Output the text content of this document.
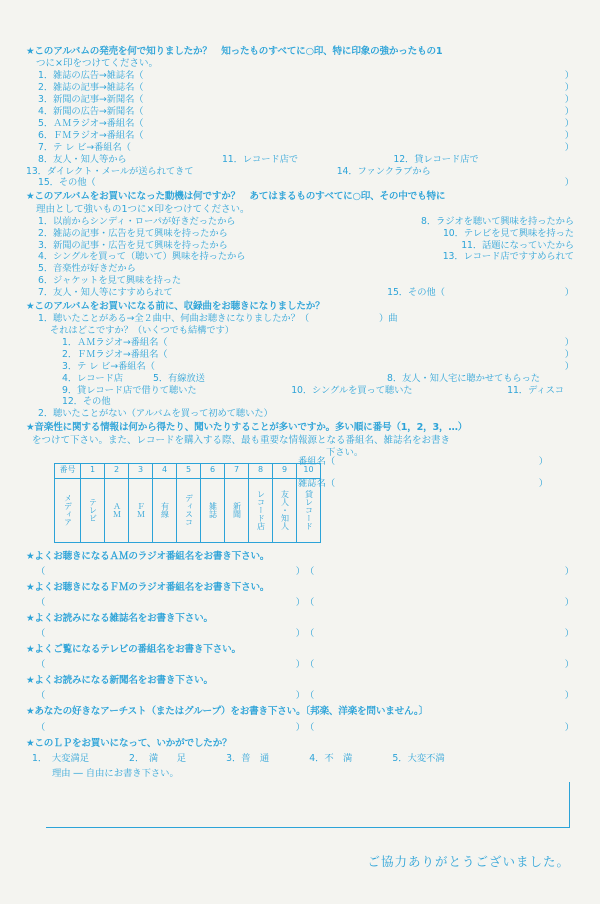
★このアルバムの発売を何で知りましたか？　知ったものすべてに○印、特に印象の強かったもの1
つに×印をつけてください。
1．雑誌の広告→雑誌名（	）
2．雑誌の記事→雑誌名（	）
3．新聞の記事→新聞名（	）
4．新聞の広告→新聞名（	）
5．ＡＭラジオ→番組名（	）
6．ＦＭラジオ→番組名（	）
7．テ レ ビ→番組名（	）
8．友人・知人等から	11．レコード店で	12．貸レコード店で
13．ダイレクト・メールが送られてきて	14．ファンクラブから
15．その他（	）
★このアルバムをお買いになった動機は何ですか？　あてはまるものすべてに○印、その中でも特に
理由として強いもの1つに×印をつけてください。
1．以前からシンディ・ローパが好きだったから	8．ラジオを聴いて興味を持ったから
2．雑誌の記事・広告を見て興味を持ったから	10．テレビを見て興味を持った
3．新聞の記事・広告を見て興味を持ったから	11．話題になっていたから
4．シングルを買って（聴いて）興味を持ったから	13．レコード店ですすめられて
5．音楽性が好きだから
6．ジャケットを見て興味を持った
7．友人・知人等にすすめられて	15．その他（	）
★このアルバムをお買いになる前に、収録曲をお聴きになりましたか？
1．聴いたことがある→全２曲中、何曲お聴きになりましたか？（	）曲
それはどこですか？（いくつでも結構です）
1．ＡＭラジオ→番組名（	）
2．ＦＭラジオ→番組名（	）
3．テ レ ビ→番組名（	）
4．レコード店	5．有線放送	8．友人・知人宅に聴かせてもらった
9．貸レコード店で借りて聴いた	10．シングルを買って聴いた	11．ディスコ
12．その他
2．聴いたことがない（アルバムを買って初めて聴いた）
★音楽性に関する情報は何から得たり、聞いたりすることが多いですか。多い順に番号（1，2，3，…）
をつけて下さい。また、レコードを購入する際、最も重要な情報源となる番組名、雑誌名をお書き
下さい。
番号	1	2	3	4	5	6	7	8	9	10

メディア	テレビ	ＡＭ	ＦＭ	有線	ディスコ	雑誌	新聞	レコード店	友人・知人	貸レコード
番組名（	）
雑誌名（	）
★よくお聴きになるＡＭのラジオ番組名をお書き下さい。
（	） （	）
★よくお聴きになるＦＭのラジオ番組名をお書き下さい。
（	） （	）
★よくお読みになる雑誌名をお書き下さい。
（	） （	）
★よくご覧になるテレビの番組名をお書き下さい。
（	） （	）
★よくお読みになる新聞名をお書き下さい。
（	） （	）
★あなたの好きなアーチスト（またはグループ）をお書き下さい。〔邦楽、洋楽を問いません。〕
（	） （	）
★このＬＰをお買いになって、いかがでしたか？
1．　大変満足	2．　満　　足	3．普　通	4．不　満	5．大変不満
理由 ― 自由にお書き下さい。
ご協力ありがとうございました。
